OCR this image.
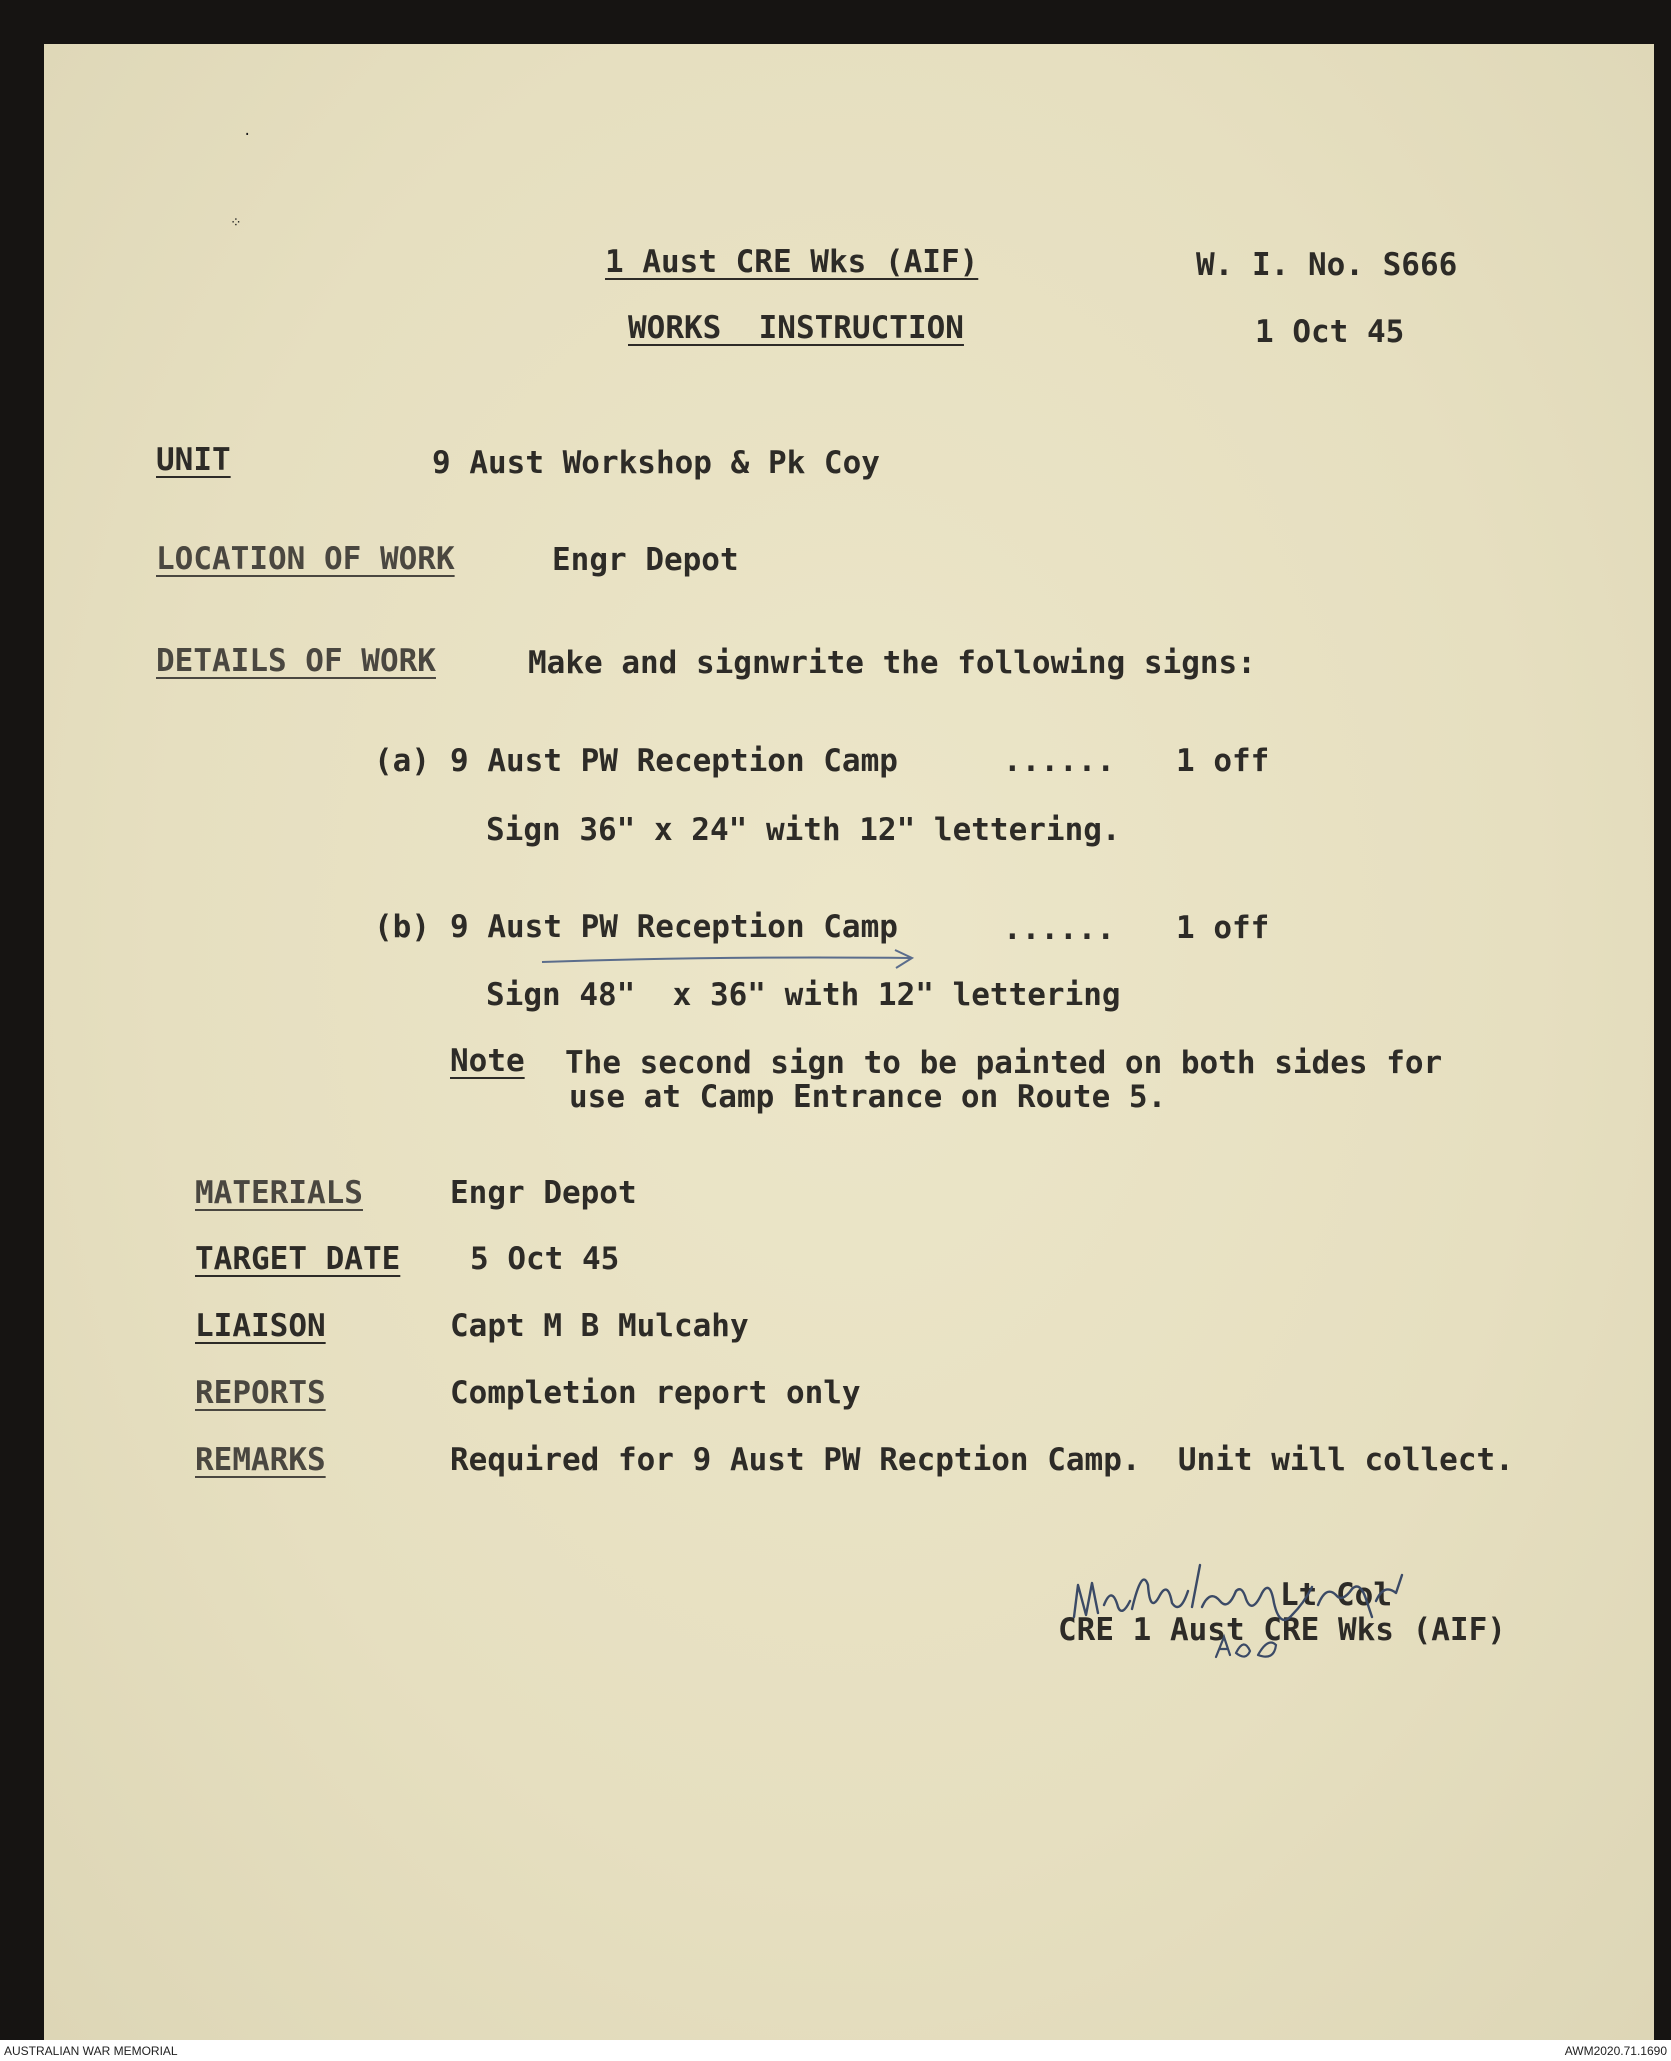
·
⁘
1 Aust CRE Wks (AIF)	W. I. No. S666
WORKS  INSTRUCTION	1 Oct 45
UNIT	9 Aust Workshop & Pk Coy
LOCATION OF WORK	Engr Depot
DETAILS OF WORK	Make and signwrite the following signs:
(a) 9 Aust PW Reception Camp	...... 1 off
Sign 36" x 24" with 12" lettering.
(b) 9 Aust PW Reception Camp	...... 1 off
Sign 48"  x 36" with 12" lettering
Note The second sign to be painted on both sides for
use at Camp Entrance on Route 5.
MATERIALS	Engr Depot
TARGET DATE 5 Oct 45
LIAISON	Capt M B Mulcahy
REPORTS	Completion report only
REMARKS	Required for 9 Aust PW Recption Camp.  Unit will collect.
Lt Col
CRE 1 Aust CRE Wks (AIF)
AUSTRALIAN WAR MEMORIAL	AWM2020.71.1690
